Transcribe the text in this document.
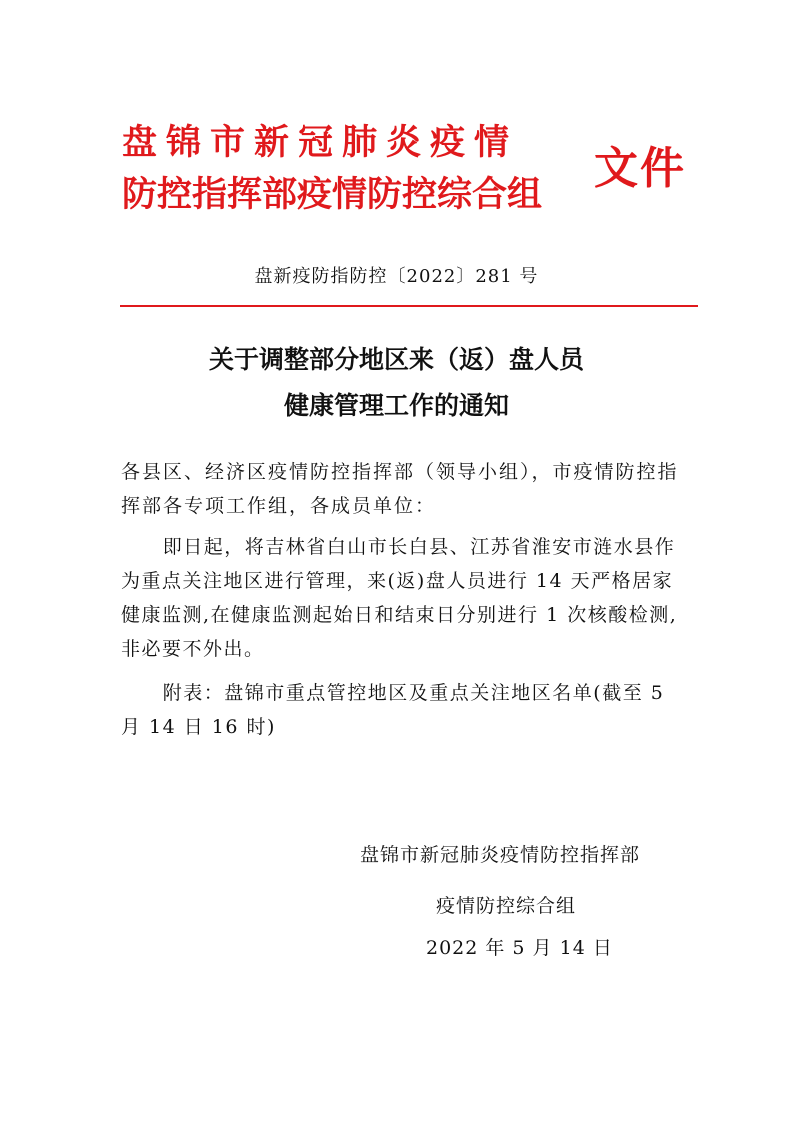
盘锦市新冠肺炎疫情
防控指挥部疫情防控综合组
文件
盘新疫防指防控〔2022〕281 号
关于调整部分地区来（返）盘人员
健康管理工作的通知

各县区、经济区疫情防控指挥部（领导小组），市疫情防控指挥部各专项工作组，各成员单位：

即日起，将吉林省白山市长白县、江苏省淮安市涟水县作为重点关注地区进行管理，来(返)盘人员进行 14 天严格居家健康监测,在健康监测起始日和结束日分别进行 1 次核酸检测,非必要不外出。

附表：盘锦市重点管控地区及重点关注地区名单(截至 5 月 14 日 16 时)

盘锦市新冠肺炎疫情防控指挥部
疫情防控综合组
2022 年 5 月 14 日
